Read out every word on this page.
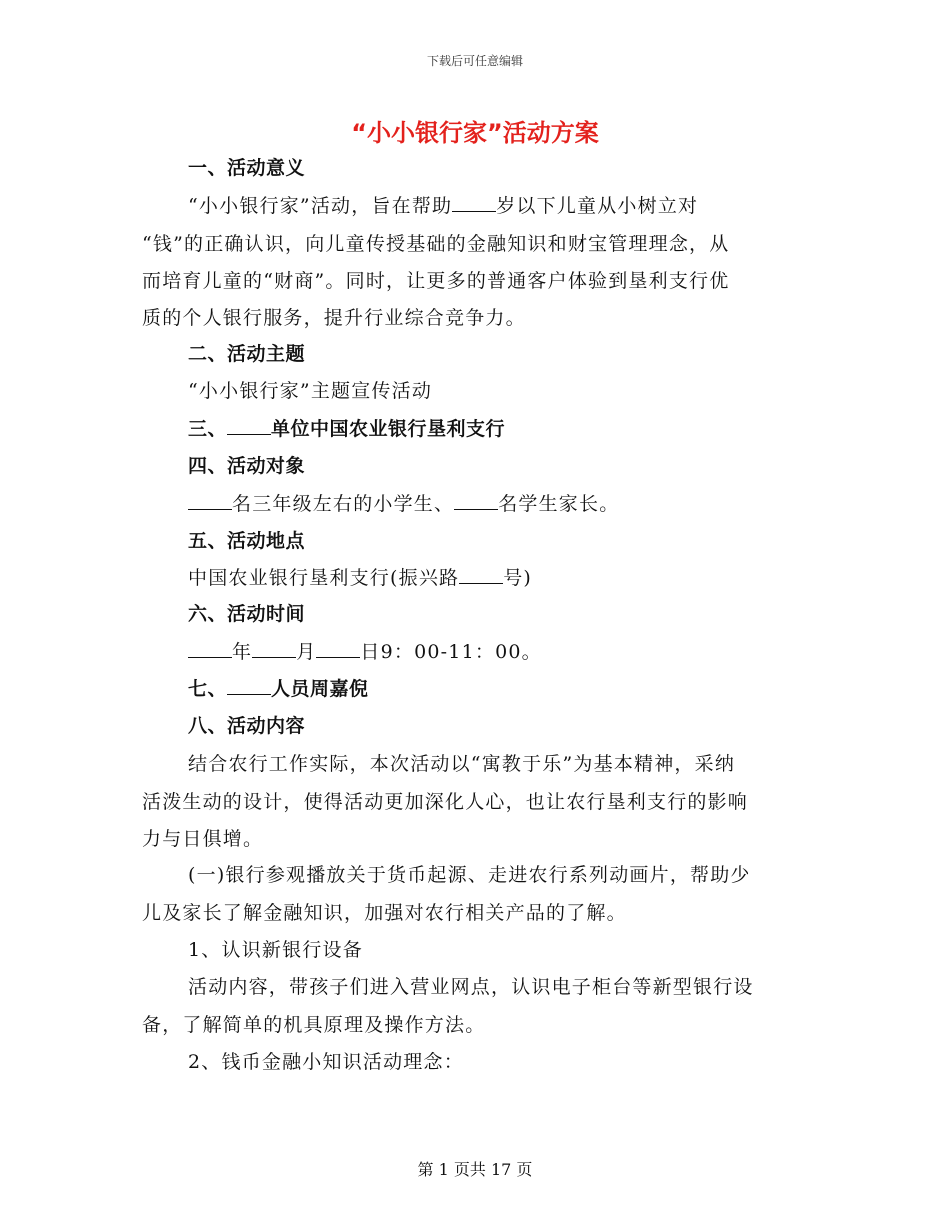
下载后可任意编辑
“小小银行家”活动方案
一、活动意义
“小小银行家”活动，旨在帮助 岁以下儿童从小树立对
“钱”的正确认识，向儿童传授基础的金融知识和财宝管理理念，从
而培育儿童的“财商”。同时，让更多的普通客户体验到垦利支行优
质的个人银行服务，提升行业综合竞争力。
二、活动主题
“小小银行家”主题宣传活动
三、 单位中国农业银行垦利支行
四、活动对象
名三年级左右的小学生、 名学生家长。
五、活动地点
中国农业银行垦利支行(振兴路 号)
六、活动时间
年 月 日9：00-11：00。
七、 人员周嘉倪
八、活动内容
结合农行工作实际，本次活动以“寓教于乐”为基本精神，采纳
活泼生动的设计，使得活动更加深化人心，也让农行垦利支行的影响
力与日俱增。
(一)银行参观播放关于货币起源、走进农行系列动画片，帮助少
儿及家长了解金融知识，加强对农行相关产品的了解。
1、认识新银行设备
活动内容，带孩子们进入营业网点，认识电子柜台等新型银行设
备，了解简单的机具原理及操作方法。
2、钱币金融小知识活动理念：
第 1 页共 17 页
